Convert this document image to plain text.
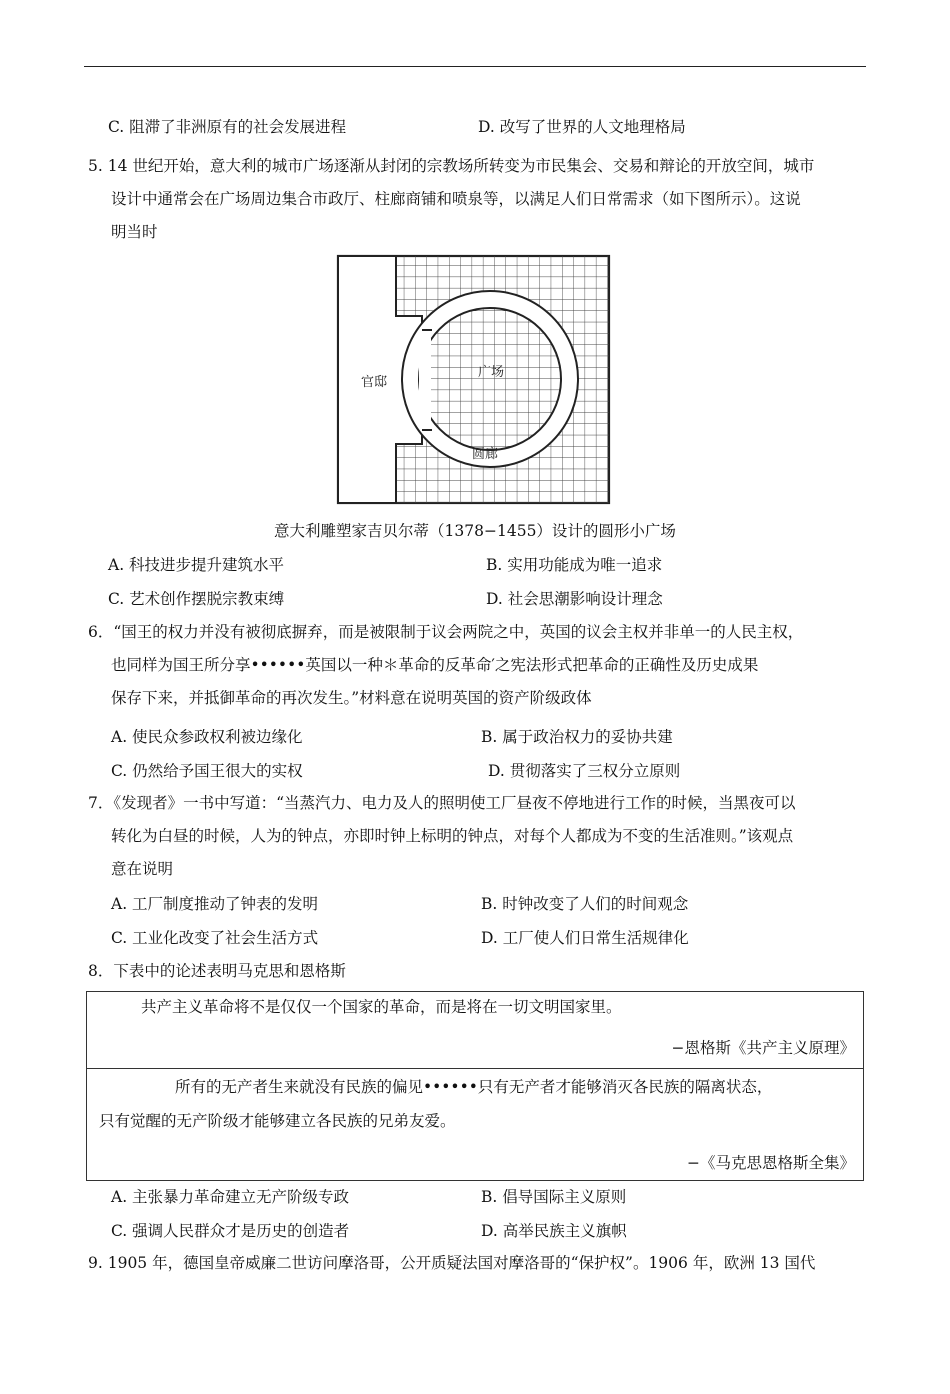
C. 阻滞了非洲原有的社会发展进程	D. 改写了世界的人文地理格局
5. 14 世纪开始，意大利的城市广场逐渐从封闭的宗教场所转变为市民集会、交易和辩论的开放空间，城市
设计中通常会在广场周边集合市政厅、柱廊商铺和喷泉等，以满足人们日常需求（如下图所示）。这说
明当时
官邸
广场
圆廊
意大利雕塑家吉贝尔蒂（1378−1455）设计的圆形小广场
A. 科技进步提升建筑水平	B. 实用功能成为唯一追求
C. 艺术创作摆脱宗教束缚	D. 社会思潮影响设计理念
6．“国王的权力并没有被彻底摒弃，而是被限制于议会两院之中，英国的议会主权并非单一的人民主权，
也同样为国王所分享••••••英国以一种＊革命的反革命′之宪法形式把革命的正确性及历史成果
保存下来，并抵御革命的再次发生。”材料意在说明英国的资产阶级政体
A. 使民众参政权利被边缘化	B. 属于政治权力的妥协共建
C. 仍然给予国王很大的实权	D. 贯彻落实了三权分立原则
7．《发现者》一书中写道：“当蒸汽力、电力及人的照明使工厂昼夜不停地进行工作的时候，当黑夜可以
转化为白昼的时候，人为的钟点，亦即时钟上标明的钟点，对每个人都成为不变的生活准则。”该观点
意在说明
A. 工厂制度推动了钟表的发明	B. 时钟改变了人们的时间观念
C. 工业化改变了社会生活方式	D. 工厂使人们日常生活规律化
8．下表中的论述表明马克思和恩格斯
共产主义革命将不是仅仅一个国家的革命，而是将在一切文明国家里。
−恩格斯《共产主义原理》
所有的无产者生来就没有民族的偏见••••••只有无产者才能够消灭各民族的隔离状态，
只有觉醒的无产阶级才能够建立各民族的兄弟友爱。
−《马克思恩格斯全集》
A. 主张暴力革命建立无产阶级专政	B. 倡导国际主义原则
C. 强调人民群众才是历史的创造者	D. 高举民族主义旗帜
9. 1905 年，德国皇帝威廉二世访问摩洛哥，公开质疑法国对摩洛哥的“保护权”。1906 年，欧洲 13 国代
